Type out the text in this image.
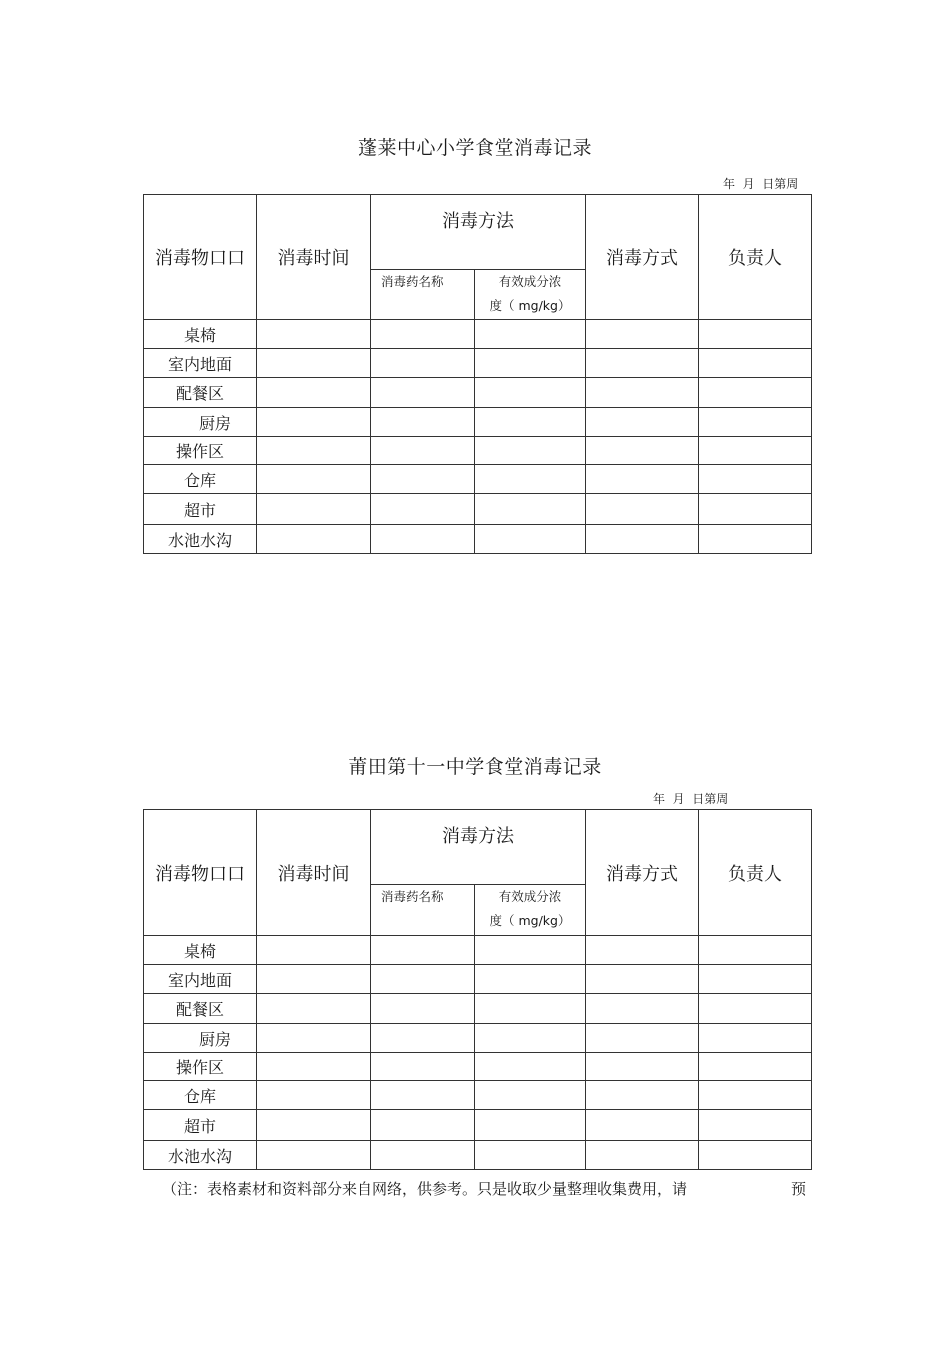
蓬莱中心小学食堂消毒记录
年  月  日第周
消毒物口口	消毒时间	消毒方法		消毒方式	负责人
		消毒药名称	有效成分浓
度（ mg/kg）		

桌椅					
室内地面					
配餐区					
厨房					
操作区					
仓库					
超市					
水池水沟					
莆田第十一中学食堂消毒记录
年  月  日第周
消毒物口口	消毒时间	消毒方法		消毒方式	负责人
		消毒药名称	有效成分浓
度（ mg/kg）		

桌椅					
室内地面					
配餐区					
厨房					
操作区					
仓库					
超市					
水池水沟					
（注：表格素材和资料部分来自网络，供参考。只是收取少量整理收集费用，请	预
